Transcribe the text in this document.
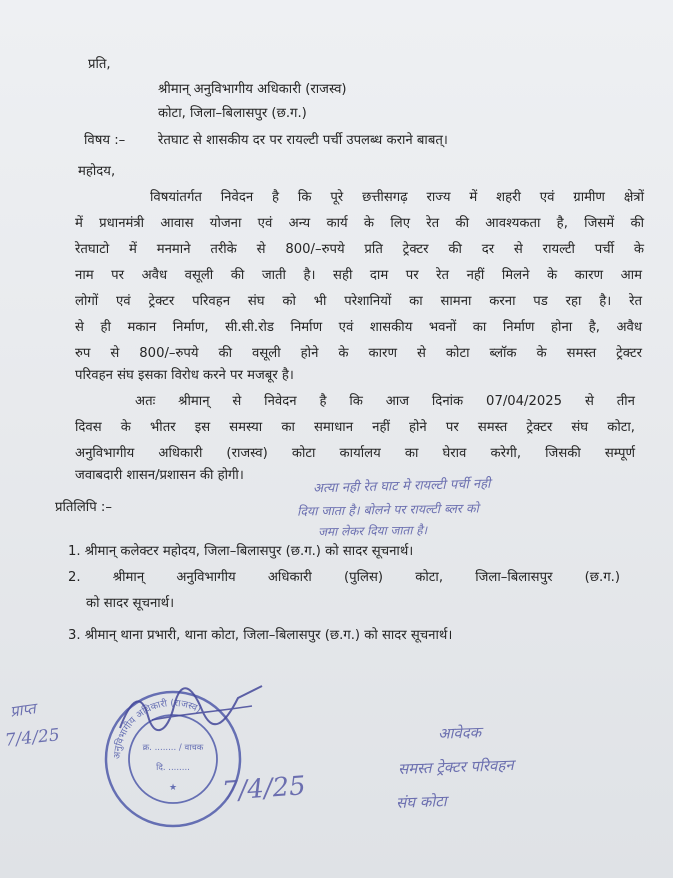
प्रति,

श्रीमान् अनुविभागीय अधिकारी (राजस्व)

कोटा, जिला–बिलासपुर (छ.ग.)

विषय :– रेतघाट से शासकीय दर पर रायल्टी पर्ची उपलब्ध कराने बाबत्।

महोदय,

विषयांतर्गत निवेदन है कि पूरे छत्तीसगढ़ राज्य में शहरी एवं ग्रामीण क्षेत्रों

में प्रधानमंत्री आवास योजना एवं अन्य कार्य के लिए रेत की आवश्यकता है, जिसमें की

रेतघाटो में मनमाने तरीके से 800/–रुपये प्रति ट्रेक्टर की दर से रायल्टी पर्ची के

नाम पर अवैध वसूली की जाती है। सही दाम पर रेत नहीं मिलने के कारण आम

लोगों एवं ट्रेक्टर परिवहन संघ को भी परेशानियों का सामना करना पड रहा है। रेत

से ही मकान निर्माण, सी.सी.रोड निर्माण एवं शासकीय भवनों का निर्माण होना है, अवैध

रुप से 800/–रुपये की वसूली होने के कारण से कोटा ब्लॉक के समस्त ट्रेक्टर

परिवहन संघ इसका विरोध करने पर मजबूर है।

अतः श्रीमान् से निवेदन है कि आज दिनांक 07/04/2025 से तीन

दिवस के भीतर इस समस्या का समाधान नहीं होने पर समस्त ट्रेक्टर संघ कोटा,

अनुविभागीय अधिकारी (राजस्व) कोटा कार्यालय का घेराव करेगी, जिसकी सम्पूर्ण

जवाबदारी शासन/प्रशासन की होगी।

अत्या नही रेत घाट मे रायल्टी पर्ची नही

दिया जाता है। बोलने पर रायल्टी ब्लर को

जमा लेकर दिया जाता है।

प्रतिलिपि :–

1. श्रीमान् कलेक्टर महोदय, जिला–बिलासपुर (छ.ग.) को सादर सूचनार्थ।

2. श्रीमान् अनुविभागीय अधिकारी (पुलिस) कोटा, जिला–बिलासपुर (छ.ग.)

को सादर सूचनार्थ।

3. श्रीमान् थाना प्रभारी, थाना कोटा, जिला–बिलासपुर (छ.ग.) को सादर सूचनार्थ।

प्राप्त

7/4/25

अनुविभागीय अधिकारी (राजस्व)
क्र. ........ / वाचक
दि. ........
★ 7/4/25

आवेदक

समस्त ट्रेक्टर परिवहन

संघ कोटा
